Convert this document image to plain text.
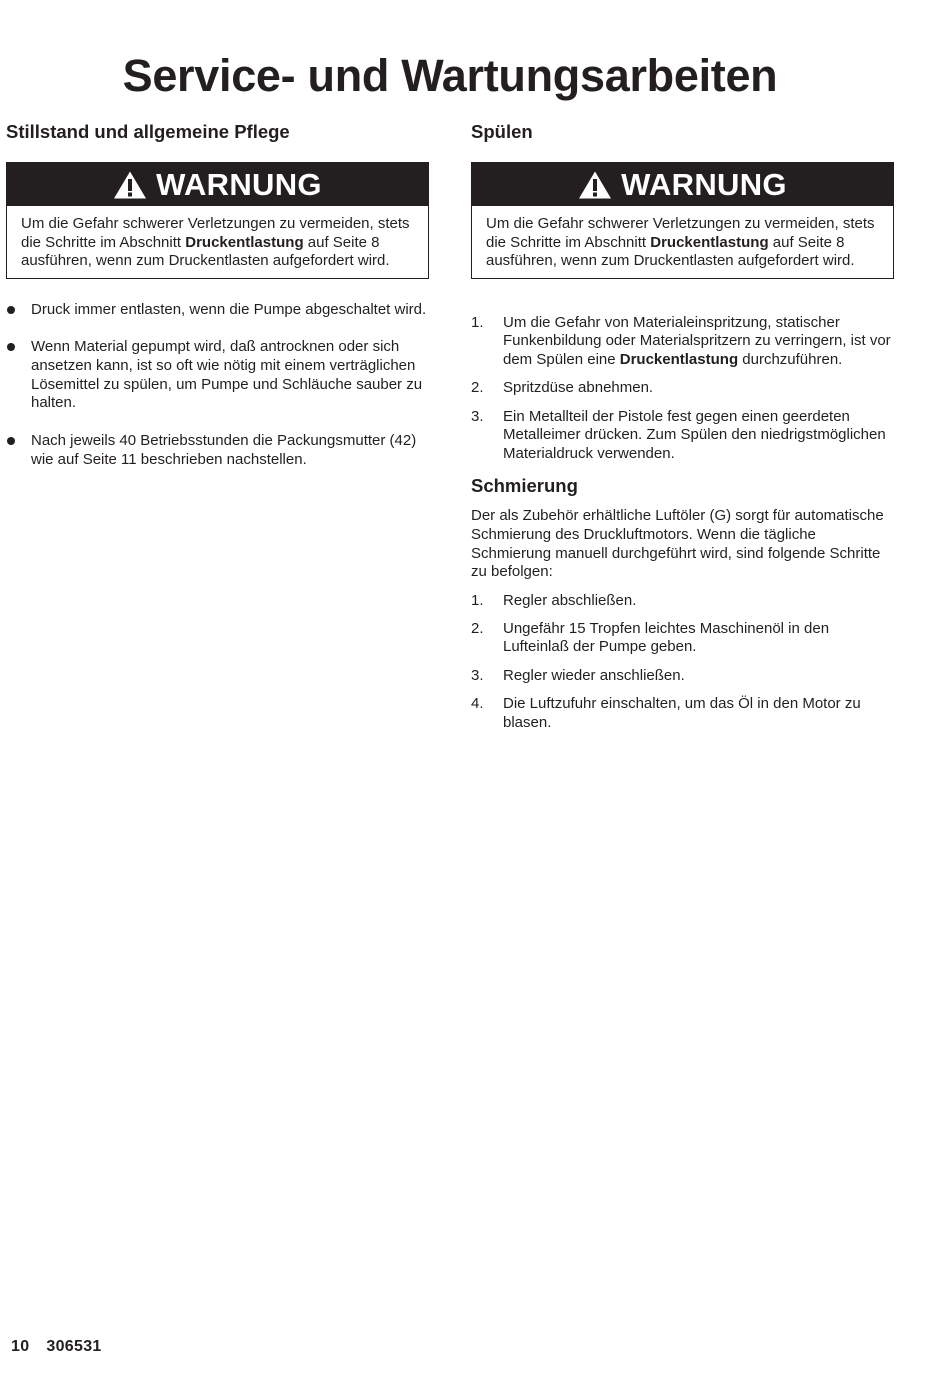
Service- und Wartungsarbeiten
Stillstand und allgemeine Pflege
WARNUNG
Um die Gefahr schwerer Verletzungen zu vermeiden, stets die Schritte im Abschnitt Druckentlastung auf Seite 8 ausführen, wenn zum Druckentlasten aufgefordert wird.
Druck immer entlasten, wenn die Pumpe abgeschaltet wird.
Wenn Material gepumpt wird, daß antrocknen oder sich ansetzen kann, ist so oft wie nötig mit einem verträglichen Lösemittel zu spülen, um Pumpe und Schläuche sauber zu halten.
Nach jeweils 40 Betriebsstunden die Packungsmutter (42) wie auf Seite 11 beschrieben nachstellen.
Spülen
WARNUNG
Um die Gefahr schwerer Verletzungen zu vermeiden, stets die Schritte im Abschnitt Druckentlastung auf Seite 8 ausführen, wenn zum Druckentlasten aufgefordert wird.
1. Um die Gefahr von Materialeinspritzung, statischer Funkenbildung oder Materialspritzern zu verringern, ist vor dem Spülen eine Druckentlastung durchzuführen.
2. Spritzdüse abnehmen.
3. Ein Metallteil der Pistole fest gegen einen geerdeten Metalleimer drücken. Zum Spülen den niedrigstmöglichen Materialdruck verwenden.
Schmierung

Der als Zubehör erhältliche Luftöler (G) sorgt für automatische Schmierung des Druckluftmotors. Wenn die tägliche Schmierung manuell durchgeführt wird, sind folgende Schritte zu befolgen:

1. Regler abschließen.
2. Ungefähr 15 Tropfen leichtes Maschinenöl in den Lufteinlaß der Pumpe geben.
3. Regler wieder anschließen.
4. Die Luftzufuhr einschalten, um das Öl in den Motor zu blasen.
10 306531
